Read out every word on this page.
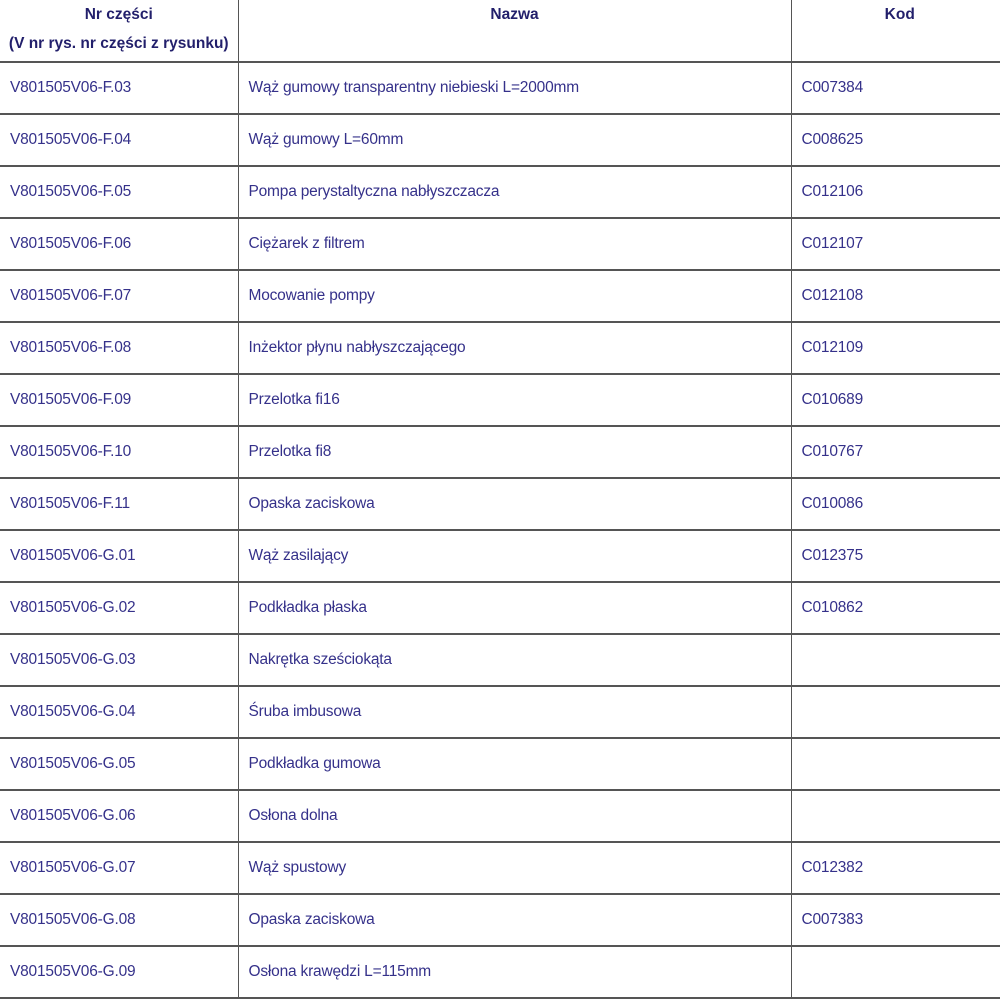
Nr części
(V nr rys. nr części z rysunku)	Nazwa	Kod
V801505V06-F.03	Wąż gumowy transparentny niebieski L=2000mm	C007384
V801505V06-F.04	Wąż gumowy L=60mm	C008625
V801505V06-F.05	Pompa perystaltyczna nabłyszczacza	C012106
V801505V06-F.06	Ciężarek z filtrem	C012107
V801505V06-F.07	Mocowanie pompy	C012108
V801505V06-F.08	Inżektor płynu nabłyszczającego	C012109
V801505V06-F.09	Przelotka fi16	C010689
V801505V06-F.10	Przelotka fi8	C010767
V801505V06-F.11	Opaska zaciskowa	C010086
V801505V06-G.01	Wąż zasilający	C012375
V801505V06-G.02	Podkładka płaska	C010862
V801505V06-G.03	Nakrętka sześciokąta	
V801505V06-G.04	Śruba imbusowa	
V801505V06-G.05	Podkładka gumowa	
V801505V06-G.06	Osłona dolna	
V801505V06-G.07	Wąż spustowy	C012382
V801505V06-G.08	Opaska zaciskowa	C007383
V801505V06-G.09	Osłona krawędzi L=115mm	
